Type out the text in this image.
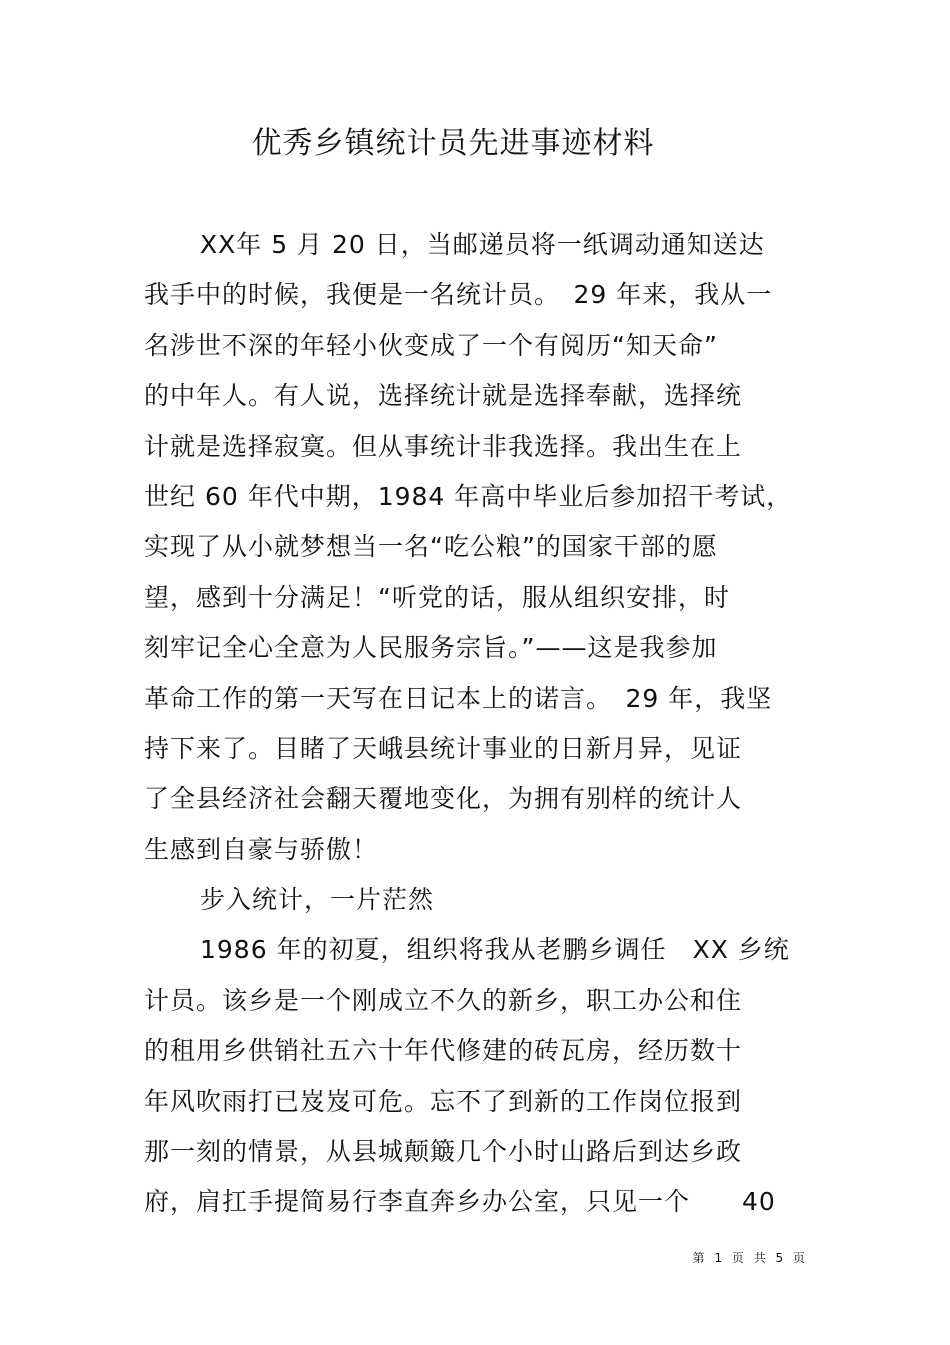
优秀乡镇统计员先进事迹材料
XX年 5 月 20 日，当邮递员将一纸调动通知送达
我手中的时候，我便是一名统计员。　29 年来，我从一
名涉世不深的年轻小伙变成了一个有阅历“知天命”
的中年人。有人说，选择统计就是选择奉献，选择统
计就是选择寂寞。但从事统计非我选择。我出生在上
世纪 60 年代中期，1984 年高中毕业后参加招干考试，
实现了从小就梦想当一名“吃公粮”的国家干部的愿
望，感到十分满足！“听党的话，服从组织安排，时
刻牢记全心全意为人民服务宗旨。”——这是我参加
革命工作的第一天写在日记本上的诺言。　29 年，我坚
持下来了。目睹了天峨县统计事业的日新月异，见证
了全县经济社会翻天覆地变化，为拥有别样的统计人
生感到自豪与骄傲！
步入统计，一片茫然
1986 年的初夏，组织将我从老鹏乡调任　XX 乡统
计员。该乡是一个刚成立不久的新乡，职工办公和住
的租用乡供销社五六十年代修建的砖瓦房，经历数十
年风吹雨打已岌岌可危。忘不了到新的工作岗位报到
那一刻的情景，从县城颠簸几个小时山路后到达乡政
府，肩扛手提简易行李直奔乡办公室，只见一个　　40
第 1 页 共 5 页
